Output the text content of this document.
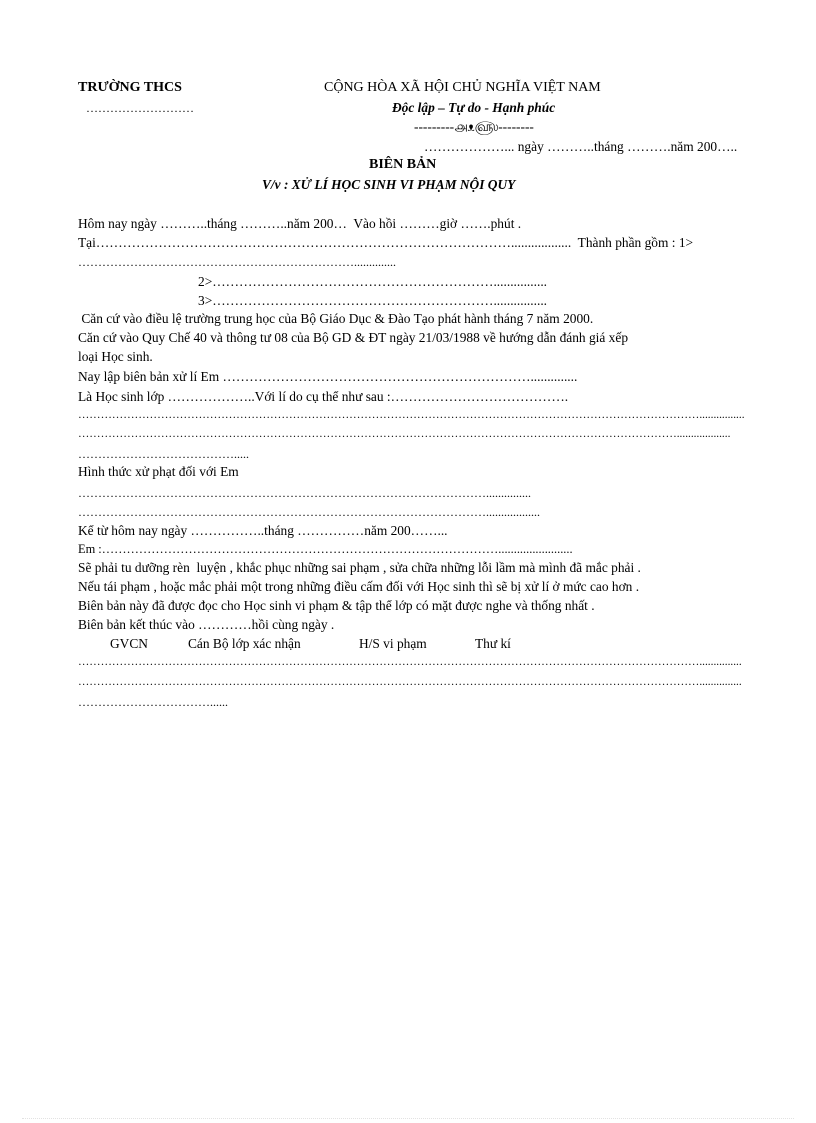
TRƯỜNG THCS
………………………
CỘNG HÒA XÃ HỘI CHỦ NGHĨA VIỆT NAM
Độc lập – Tự do - Hạnh phúc
---------௮ᴥ௵--------
………………... ngày ………..tháng ……….năm 200…..
BIÊN BẢN
V/v : XỬ LÍ HỌC SINH VI PHẠM NỘI QUY
Hôm nay ngày ………..tháng ………..năm 200…  Vào hồi ………giờ …….phút .
Tại…………………………………………………………………………………..................  Thành phần gồm : 1>
……………………………………………………………..............
2>………………………………………………………................
3>………………………………………………………................
Căn cứ vào điều lệ trường trung học của Bộ Giáo Dục & Đào Tạo phát hành tháng 7 năm 2000.
Căn cứ vào Quy Chế 40 và thông tư 08 của Bộ GD & ĐT ngày 21/03/1988 về hướng dẫn đánh giá xếp
loại Học sinh.
Nay lập biên bản xử lí Em ……………………………………………………………..............
Là Học sinh lớp ………………..Với lí do cụ thể như sau :………………………………….
…………………………………………………………………………………………………………………………………………………................
……………………………………………………………………………………………………………………………………………...................
………………………………….....
Hình thức xử phạt đối với Em
…………………………………………………………………………………………...............
…………………………………………………………………………………………..................
Kể từ hôm nay ngày ……………..tháng ……………năm 200……...
Em :……………………………………………………………………………………........................
Sẽ phải tu dưỡng rèn  luyện , khắc phục những sai phạm , sửa chữa những lỗi lầm mà mình đã mắc phải .
Nếu tái phạm , hoặc mắc phải một trong những điều cấm đối với Học sinh thì sẽ bị xử lí ở mức cao hơn .
Biên bản này đã được đọc cho Học sinh vi phạm & tập thể lớp có mặt được nghe và thống nhất .
Biên bản kết thúc vào …………hồi cùng ngày .
GVCN	Cán Bộ lớp xác nhận	H/S vi phạm	Thư kí
…………………………………………………………………………………………………………………………………………………...............
…………………………………………………………………………………………………………………………………………………...............
……………………………......
